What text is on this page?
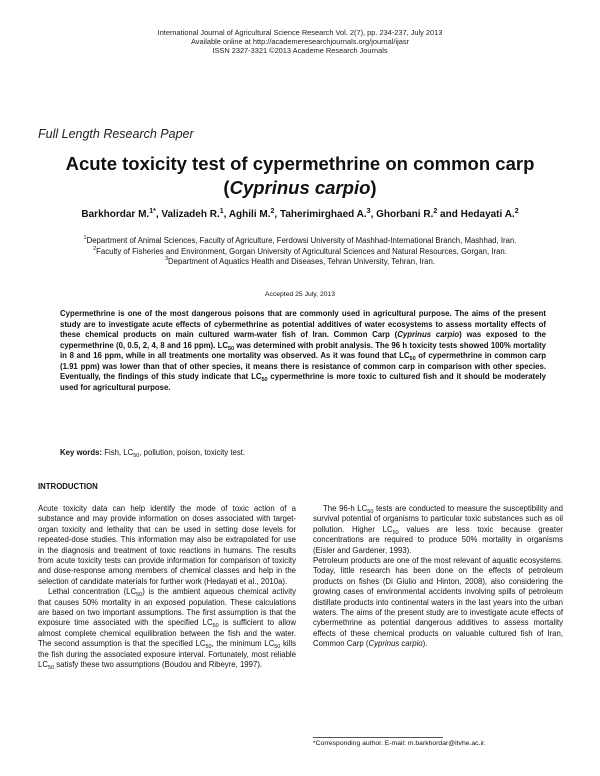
International Journal of Agricultural Science Research Vol. 2(7), pp. 234-237, July 2013
Available online at http://academeresearchjournals.org/journal/ijasr
ISSN 2327-3321 ©2013 Academe Research Journals
Full Length Research Paper
Acute toxicity test of cypermethrine on common carp
(Cyprinus carpio)
Barkhordar M.$^{1*}$, Valizadeh R.$^1$, Aghili M.$^2$, Taherimirghaed A.$^3$, Ghorbani R.$^2$ and Hedayati A.$^2$
$^1$Department of Animal Sciences, Faculty of Agriculture, Ferdowsi University of Mashhad-International Branch, Mashhad, Iran.
$^2$Faculty of Fisheries and Environment, Gorgan University of Agricultural Sciences and Natural Resources, Gorgan, Iran.
$^3$Department of Aquatics Health and Diseases, Tehran University, Tehran, Iran.
Accepted 25 July, 2013
Cypermethrine is one of the most dangerous poisons that are commonly used in agricultural purpose. The aims of the present study are to investigate acute effects of cybermethrine as potential additives of water ecosystems to assess mortality effects of these chemical products on main cultured warm-water fish of Iran. Common Carp (Cyprinus carpio) was exposed to the cypermethrine (0, 0.5, 2, 4, 8 and 16 ppm). $LC_{50}$ was determined with probit analysis. The 96 h toxicity tests showed 100% mortality in 8 and 16 ppm, while in all treatments one mortality was observed. As it was found that $LC_{50}$ of cypermethrine in common carp (1.91 ppm) was lower than that of other species, it means there is resistance of common carp in comparison with other species. Eventually, the findings of this study indicate that $LC_{50}$ cypermethrine is more toxic to cultured fish and it should be moderately used for agricultural purpose.
Key words: Fish, $LC_{50}$, pollution, poison, toxicity test.
INTRODUCTION

Acute toxicity data can help identify the mode of toxic action of a substance and may provide information on doses associated with target-organ toxicity and lethality that can be used in setting dose levels for repeated-dose studies. This information may also be extrapolated for use in the diagnosis and treatment of toxic reactions in humans. The results from acute toxicity tests can provide information for comparison of toxicity and dose-response among members of chemical classes and help in the selection of candidate materials for further work (Hedayati et al., 2010a).

Lethal concentration $(LC_{50})$ is the ambient aqueous chemical activity that causes 50% mortality in an exposed population. These calculations are based on two important assumptions. The first assumption is that the exposure time associated with the specified $LC_{50}$ is sufficient to allow almost complete chemical equilibration between the fish and the water. The second assumption is that the specified $LC_{50}$, the minimum $LC_{50}$ kills the fish during the associated exposure interval. Fortunately, most reliable $LC_{50}$ satisfy these two assumptions (Boudou and Ribeyre, 1997).

The 96-h $LC_{50}$ tests are conducted to measure the susceptibility and survival potential of organisms to particular toxic substances such as oil pollution. Higher $LC_{50}$ values are less toxic because greater concentrations are required to produce 50% mortality in organisms (Eisler and Gardener, 1993).

Petroleum products are one of the most relevant of aquatic ecosystems. Today, little research has been done on the effects of petroleum products on fishes (Di Giulio and Hinton, 2008), also considering the growing cases of environmental accidents involving spills of petroleum distillate products into continental waters in the last years into the urban waters. The aims of the present study are to investigate acute effects of cybermethrine as potential dangerous additives to assess mortality effects of these chemical products on valuable cultured fish of Iran, Common Carp (Cyprinus carpio).

*Corresponding author. E-mail: m.barkhordar@itvhe.ac.ir.
